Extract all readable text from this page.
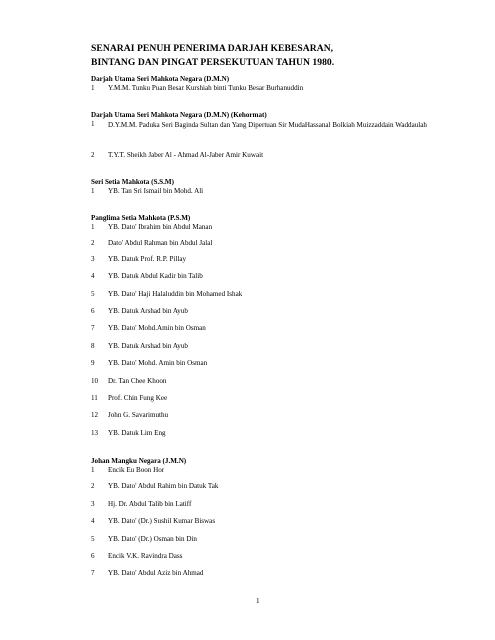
SENARAI PENUH PENERIMA DARJAH KEBESARAN,
BINTANG DAN PINGAT PERSEKUTUAN TAHUN 1980.
Darjah Utama Seri Mahkota Negara (D.M.N)
1	Y.M.M. Tunku Puan Besar Kurshiah binti Tunku Besar Burhanuddin
Darjah Utama Seri Mahkota Negara (D.M.N) (Kehormat)
1	D.Y.M.M. Paduka Seri Baginda Sultan dan Yang Dipertuan Sir MudaHassanal Bolkiah Muizzaddain Waddaulah
2	T.Y.T. Sheikh Jaber Al - Ahmad Al-Jaber Amir Kuwait
Seri Setia Mahkota (S.S.M)
1	YB. Tan Sri Ismail bin Mohd. Ali
Panglima Setia Mahkota (P.S.M)
1	YB. Dato' Ibrahim bin Abdul Manan
2	Dato' Abdul Rahman bin Abdul Jalal
3	YB. Datuk Prof. R.P. Pillay
4	YB. Datuk Abdul Kadir bin Talib
5	YB. Dato' Haji Halaluddin bin Mohamed Ishak
6	YB. Datuk Arshad bin Ayub
7	YB. Dato' Mohd.Amin bin Osman
8	YB. Datuk Arshad bin Ayub
9	YB. Dato' Mohd. Amin bin Osman
10	Dr. Tan Chee Khoon
11	Prof. Chin Fung Kee
12	John G. Savarimuthu
13	YB. Datuk Lim Eng
Johan Mangku Negara (J.M.N)
1	Encik Eu Boon Hor
2	YB. Dato' Abdul Rahim bin Datuk Tak
3	Hj. Dr. Abdul Talib bin Latiff
4	YB. Dato' (Dr.) Sushil Kumar Biswas
5	YB. Dato' (Dr.) Osman bin Din
6	Encik V.K. Ravindra Dass
7	YB. Dato' Abdul Aziz bin Ahmad
1
